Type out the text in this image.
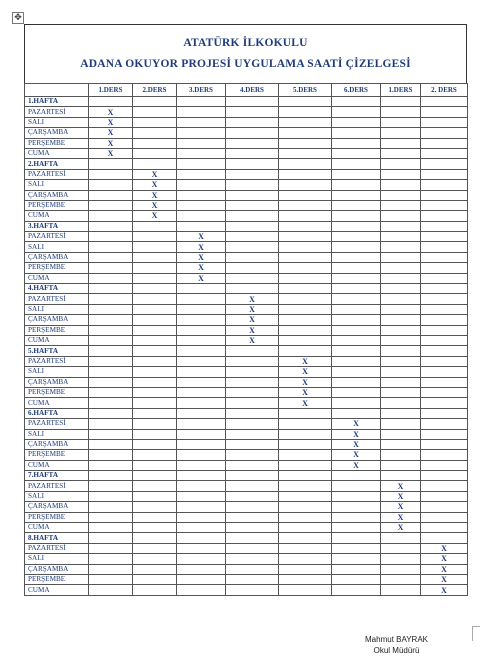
✥
ATATÜRK İLKOKULU
ADANA OKUYOR PROJESİ UYGULAMA SAATİ ÇİZELGESİ
	1.DERS	2.DERS	3.DERS	4.DERS	5.DERS	6.DERS	1.DERS	2. DERS
1.HAFTA								
PAZARTESİ	X							
SALI	X							
ÇARŞAMBA	X							
PERŞEMBE	X							
CUMA	X							
2.HAFTA								
PAZARTESİ		X						
SALI		X						
ÇARŞAMBA		X						
PERŞEMBE		X						
CUMA		X						
3.HAFTA								
PAZARTESİ			X					
SALI			X					
ÇARŞAMBA			X					
PERŞEMBE			X					
CUMA			X					
4.HAFTA								
PAZARTESİ				X				
SALI				X				
ÇARŞAMBA				X				
PERŞEMBE				X				
CUMA				X				
5.HAFTA								
PAZARTESİ					X			
SALI					X			
ÇARŞAMBA					X			
PERŞEMBE					X			
CUMA					X			
6.HAFTA								
PAZARTESİ						X		
SALI						X		
ÇARŞAMBA						X		
PERŞEMBE						X		
CUMA						X		
7.HAFTA								
PAZARTESİ							X	
SALI							X	
ÇARŞAMBA							X	
PERŞEMBE							X	
CUMA							X	
8.HAFTA								
PAZARTESİ								X
SALI								X
ÇARŞAMBA								X
PERŞEMBE								X
CUMA								X
Mahmut BAYRAK
Okul Müdürü
